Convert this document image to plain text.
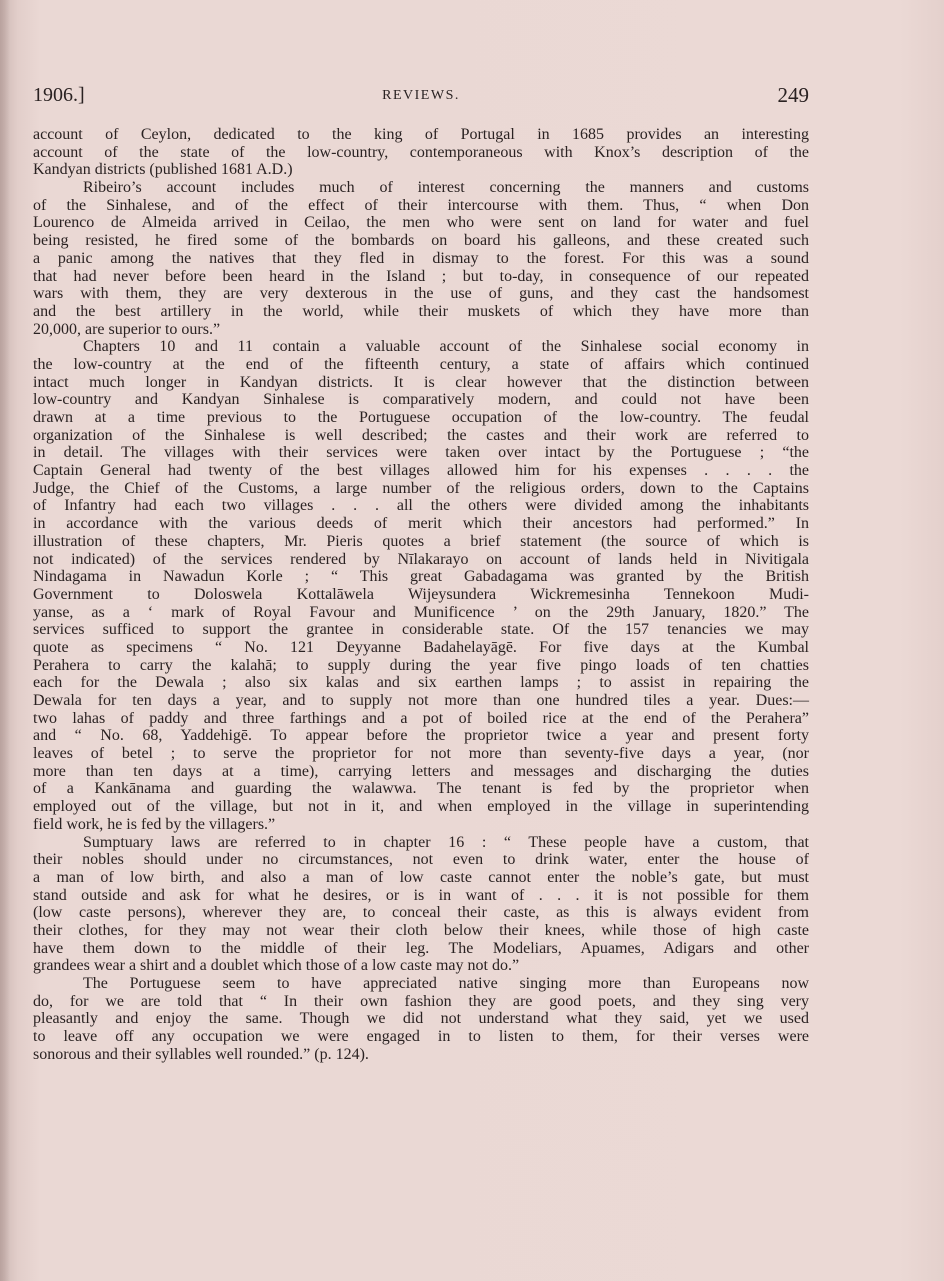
1906.]	REVIEWS.	249
account of Ceylon, dedicated to the king of Portugal in 1685 provides an interesting
account of the state of the low-country, contemporaneous with Knox’s description of the
Kandyan districts (published 1681 A.D.)
Ribeiro’s account includes much of interest concerning the manners and customs
of the Sinhalese, and of the effect of their intercourse with them. Thus, “ when Don
Lourenco de Almeida arrived in Ceilao, the men who were sent on land for water and fuel
being resisted, he fired some of the bombards on board his galleons, and these created such
a panic among the natives that they fled in dismay to the forest. For this was a sound
that had never before been heard in the Island ; but to-day, in consequence of our repeated
wars with them, they are very dexterous in the use of guns, and they cast the handsomest
and the best artillery in the world, while their muskets of which they have more than
20,000, are superior to ours.”
Chapters 10 and 11 contain a valuable account of the Sinhalese social economy in
the low-country at the end of the fifteenth century, a state of affairs which continued
intact much longer in Kandyan districts. It is clear however that the distinction between
low-country and Kandyan Sinhalese is comparatively modern, and could not have been
drawn at a time previous to the Portuguese occupation of the low-country. The feudal
organization of the Sinhalese is well described; the castes and their work are referred to
in detail. The villages with their services were taken over intact by the Portuguese ; “the
Captain General had twenty of the best villages allowed him for his expenses . . . . the
Judge, the Chief of the Customs, a large number of the religious orders, down to the Captains
of Infantry had each two villages . . . all the others were divided among the inhabitants
in accordance with the various deeds of merit which their ancestors had performed.” In
illustration of these chapters, Mr. Pieris quotes a brief statement (the source of which is
not indicated) of the services rendered by Nīlakarayo on account of lands held in Nivitigala
Nindagama in Nawadun Korle ; “ This great Gabadagama was granted by the British
Government to Doloswela Kottalāwela Wijeysundera Wickremesinha Tennekoon Mudi-
yanse, as a ‘ mark of Royal Favour and Munificence ’ on the 29th January, 1820.” The
services sufficed to support the grantee in considerable state. Of the 157 tenancies we may
quote as specimens “ No. 121 Deyyanne Badahelayāgē. For five days at the Kumbal
Perahera to carry the kalahā; to supply during the year five pingo loads of ten chatties
each for the Dewala ; also six kalas and six earthen lamps ; to assist in repairing the
Dewala for ten days a year, and to supply not more than one hundred tiles a year. Dues:—
two lahas of paddy and three farthings and a pot of boiled rice at the end of the Perahera”
and “ No. 68, Yaddehigē. To appear before the proprietor twice a year and present forty
leaves of betel ; to serve the proprietor for not more than seventy-five days a year, (nor
more than ten days at a time), carrying letters and messages and discharging the duties
of a Kankānama and guarding the walawwa. The tenant is fed by the proprietor when
employed out of the village, but not in it, and when employed in the village in superintending
field work, he is fed by the villagers.”
Sumptuary laws are referred to in chapter 16 : “ These people have a custom, that
their nobles should under no circumstances, not even to drink water, enter the house of
a man of low birth, and also a man of low caste cannot enter the noble’s gate, but must
stand outside and ask for what he desires, or is in want of . . . it is not possible for them
(low caste persons), wherever they are, to conceal their caste, as this is always evident from
their clothes, for they may not wear their cloth below their knees, while those of high caste
have them down to the middle of their leg. The Modeliars, Apuames, Adigars and other
grandees wear a shirt and a doublet which those of a low caste may not do.”
The Portuguese seem to have appreciated native singing more than Europeans now
do, for we are told that “ In their own fashion they are good poets, and they sing very
pleasantly and enjoy the same. Though we did not understand what they said, yet we used
to leave off any occupation we were engaged in to listen to them, for their verses were
sonorous and their syllables well rounded.” (p. 124).
